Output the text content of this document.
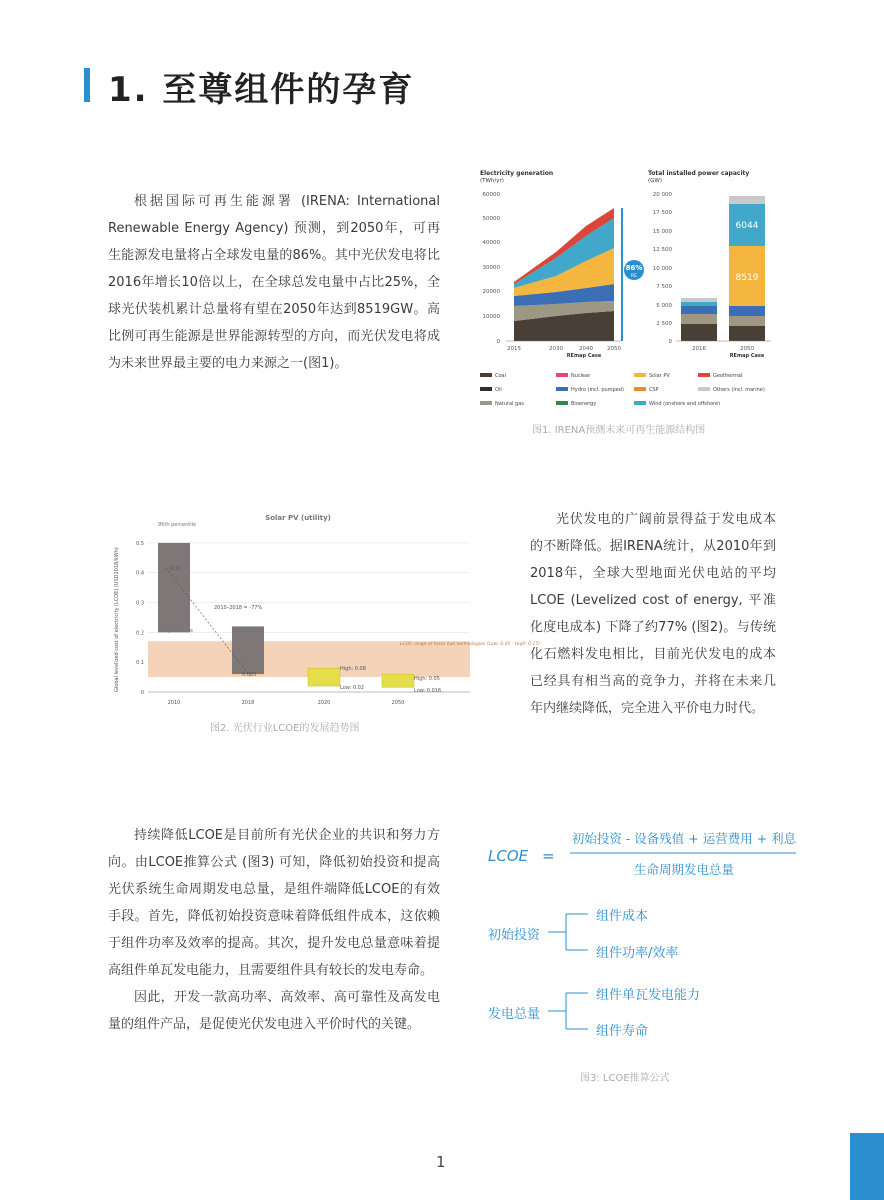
1. 至尊组件的孕育

根据国际可再生能源署 (IRENA: International Renewable Energy Agency) 预测，到2050年，可再生能源发电量将占全球发电量的86%。其中光伏发电将比2016年增长10倍以上，在全球总发电量中占比25%，全球光伏装机累计总量将有望在2050年达到8519GW。高比例可再生能源是世界能源转型的方向，而光伏发电将成为未来世界最主要的电力来源之一(图1)。

Electricity generation
(TWh/yr)
60000
50000
40000
30000
20000
10000
0
86%
RE
2015	2030	2040	2050
REmap Case
Total installed power capacity
(GW)
20 000
17 500
15 000
12 500
10 000
7 500
5 000
2 500
0
6044
8519
2016	2050
REmap Case
Coal	Nuclear	Solar PV	Geothermal
Oil	Hydro (incl. pumped)	CSP	Others (incl. marine)
Natural gas	Bioenergy	Wind (onshore and offshore)
图1. IRENA预测未来可再生能源结构图
Solar PV (utility)
Global levelized cost of electricity (LCOE) (USD2018/kWh)
0.5
0.4
0.3
0.2
0.1
0
2010	2018	2020	2050
95th percentile
5th percentile
0.37
0.085
2010–2018 = -77%
High: 0.08
Low: 0.02
High: 0.05
Low: 0.016
LCOE range of fossil fuel technologies (Low: 0.05 - High: 0.17)
图2. 光伏行业LCOE的发展趋势图

光伏发电的广阔前景得益于发电成本的不断降低。据IRENA统计，从2010年到2018年，全球大型地面光伏电站的平均LCOE (Levelized cost of energy, 平准化度电成本) 下降了约77% (图2)。与传统化石燃料发电相比，目前光伏发电的成本已经具有相当高的竞争力，并将在未来几年内继续降低，完全进入平价电力时代。

持续降低LCOE是目前所有光伏企业的共识和努力方向。由LCOE推算公式 (图3) 可知，降低初始投资和提高光伏系统生命周期发电总量，是组件端降低LCOE的有效手段。首先，降低初始投资意味着降低组件成本，这依赖于组件功率及效率的提高。其次，提升发电总量意味着提高组件单瓦发电能力，且需要组件具有较长的发电寿命。

因此，开发一款高功率、高效率、高可靠性及高发电量的组件产品，是促使光伏发电进入平价时代的关键。

LCOE =
初始投资 - 设备残值 + 运营费用 + 利息
生命周期发电总量
初始投资
组件成本
组件功率/效率
发电总量
组件单瓦发电能力
组件寿命
图3: LCOE推算公式
1
